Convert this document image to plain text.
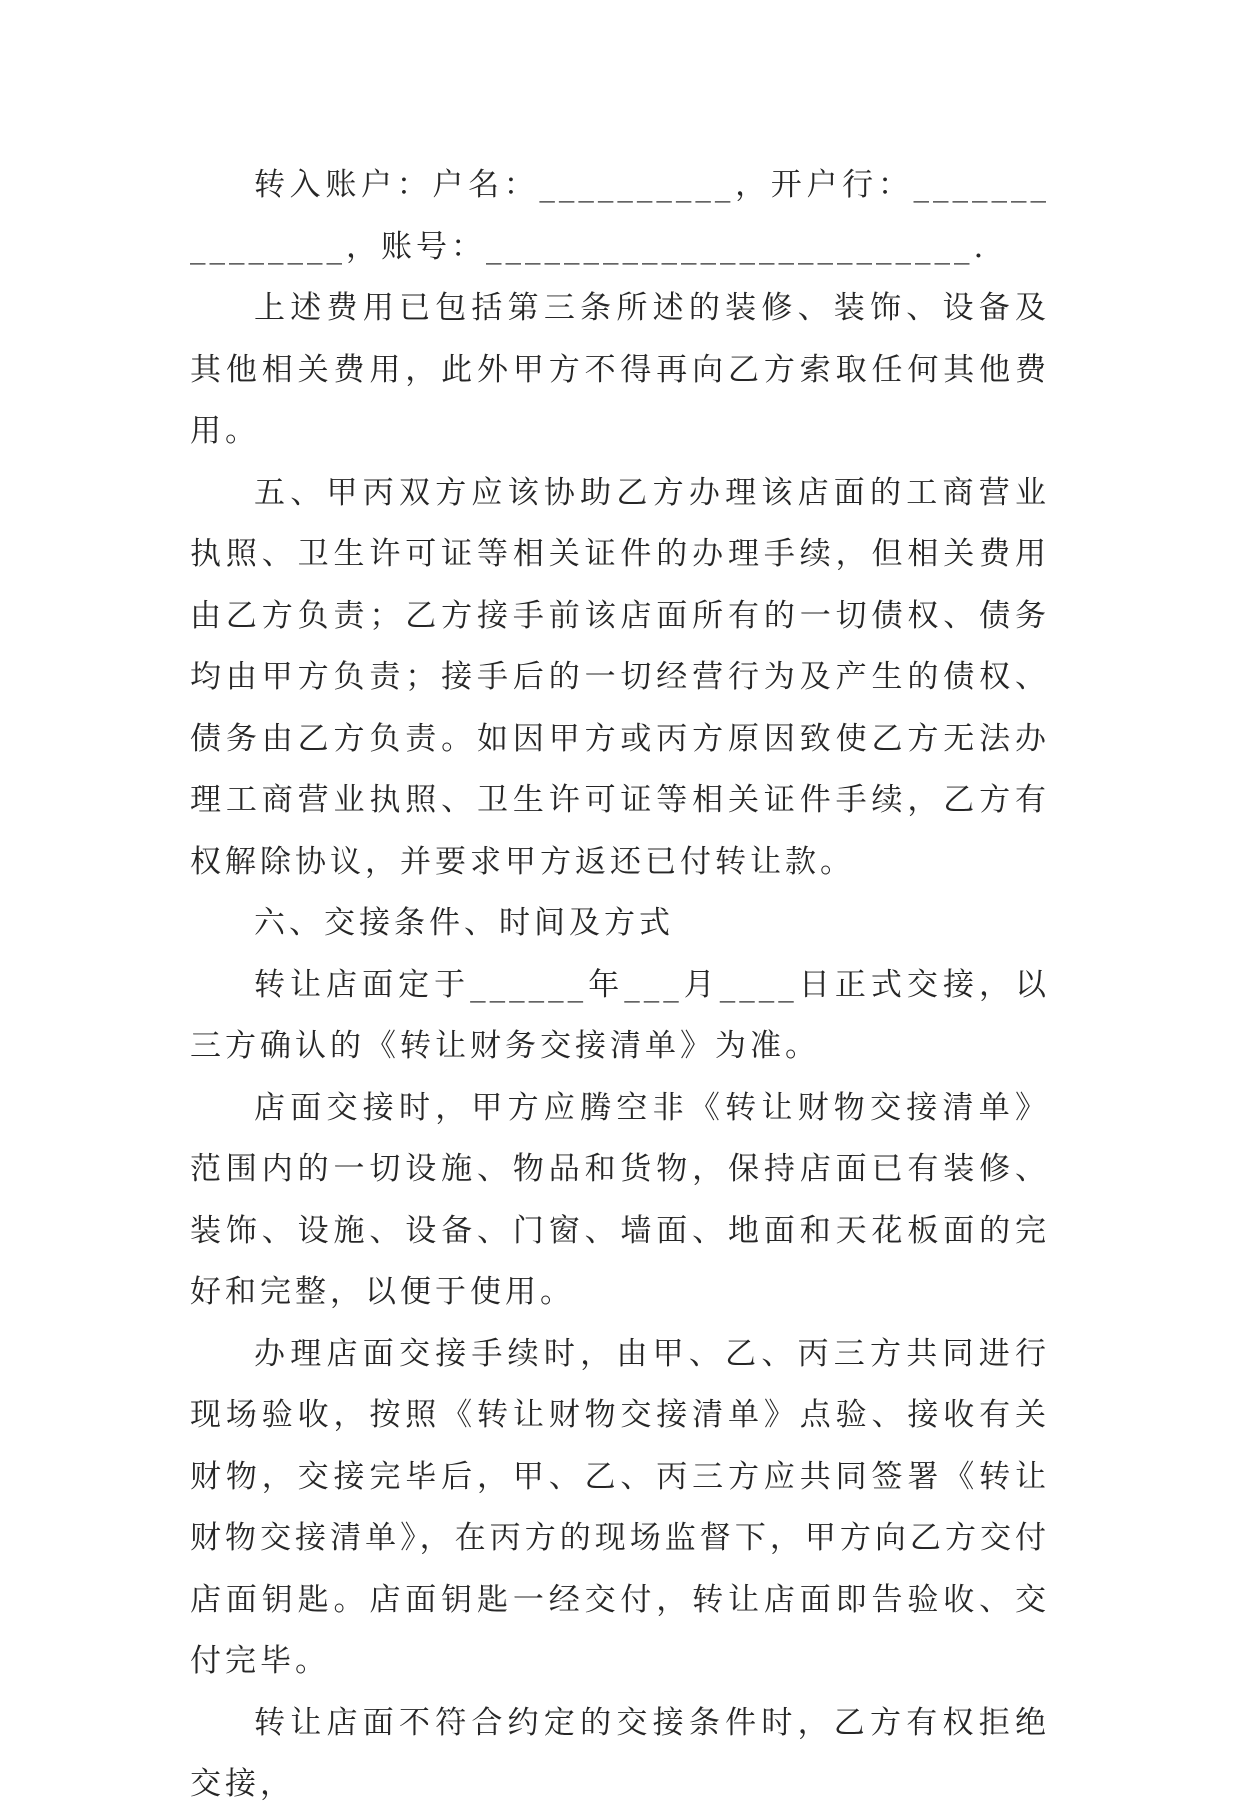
转入账户：户名：__________，开户行：_______________，账号：_________________________.

上述费用已包括第三条所述的装修、装饰、设备及其他相关费用，此外甲方不得再向乙方索取任何其他费用。

五、甲丙双方应该协助乙方办理该店面的工商营业执照、卫生许可证等相关证件的办理手续，但相关费用由乙方负责；乙方接手前该店面所有的一切债权、债务均由甲方负责；接手后的一切经营行为及产生的债权、债务由乙方负责。如因甲方或丙方原因致使乙方无法办理工商营业执照、卫生许可证等相关证件手续，乙方有权解除协议，并要求甲方返还已付转让款。

六、交接条件、时间及方式

转让店面定于______年___月____日正式交接，以三方确认的《转让财务交接清单》为准。

店面交接时，甲方应腾空非《转让财物交接清单》范围内的一切设施、物品和货物，保持店面已有装修、装饰、设施、设备、门窗、墙面、地面和天花板面的完好和完整，以便于使用。

办理店面交接手续时，由甲、乙、丙三方共同进行现场验收，按照《转让财物交接清单》点验、接收有关财物，交接完毕后，甲、乙、丙三方应共同签署《转让财物交接清单》，在丙方的现场监督下，甲方向乙方交付店面钥匙。店面钥匙一经交付，转让店面即告验收、交付完毕。

转让店面不符合约定的交接条件时，乙方有权拒绝交接，
